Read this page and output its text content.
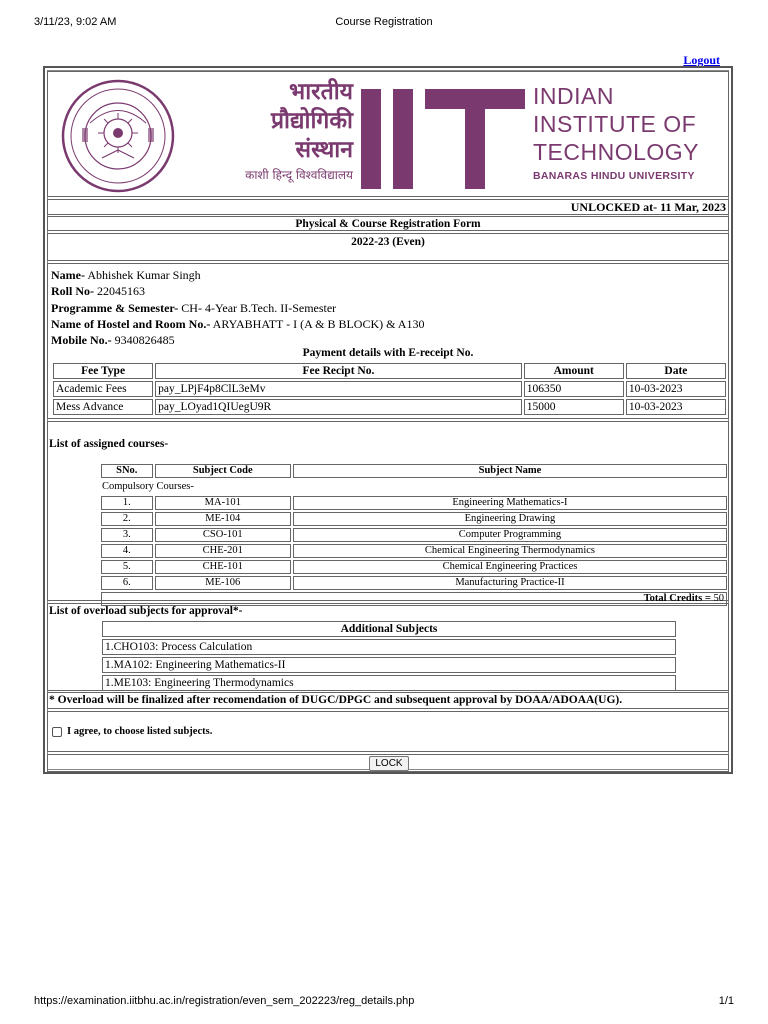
3/11/23, 9:02 AM	Course Registration
Logout
भारतीय
प्रौद्योगिकी
संस्थान
काशी हिन्दू विश्वविद्यालय
INDIAN
INSTITUTE OF
TECHNOLOGY
BANARAS HINDU UNIVERSITY
UNLOCKED at- 11 Mar, 2023
Physical & Course Registration Form
2022-23 (Even)
Name- Abhishek Kumar Singh
Roll No- 22045163
Programme & Semester- CH- 4-Year B.Tech. II-Semester
Name of Hostel and Room No.- ARYABHATT - I (A & B BLOCK) & A130
Mobile No.- 9340826485
Payment details with E-receipt No.
Fee Type	Fee Recipt No.	Amount	Date
Academic Fees	pay_LPjF4p8ClL3eMv	106350	10-03-2023
Mess Advance	pay_LOyad1QIUegU9R	15000	10-03-2023
List of assigned courses-
SNo.	Subject Code	Subject Name
Compulsory Courses-		
1.	MA-101	Engineering Mathematics-I
2.	ME-104	Engineering Drawing
3.	CSO-101	Computer Programming
4.	CHE-201	Chemical Engineering Thermodynamics
5.	CHE-101	Chemical Engineering Practices
6.	ME-106	Manufacturing Practice-II
Total Credits = 50		
List of overload subjects for approval*-
Additional Subjects
1.CHO103: Process Calculation
1.MA102: Engineering Mathematics-II
1.ME103: Engineering Thermodynamics
* Overload will be finalized after recomendation of DUGC/DPGC and subsequent approval by DOAA/ADOAA(UG).
I agree, to choose listed subjects.
LOCK
https://examination.iitbhu.ac.in/registration/even_sem_202223/reg_details.php	1/1
